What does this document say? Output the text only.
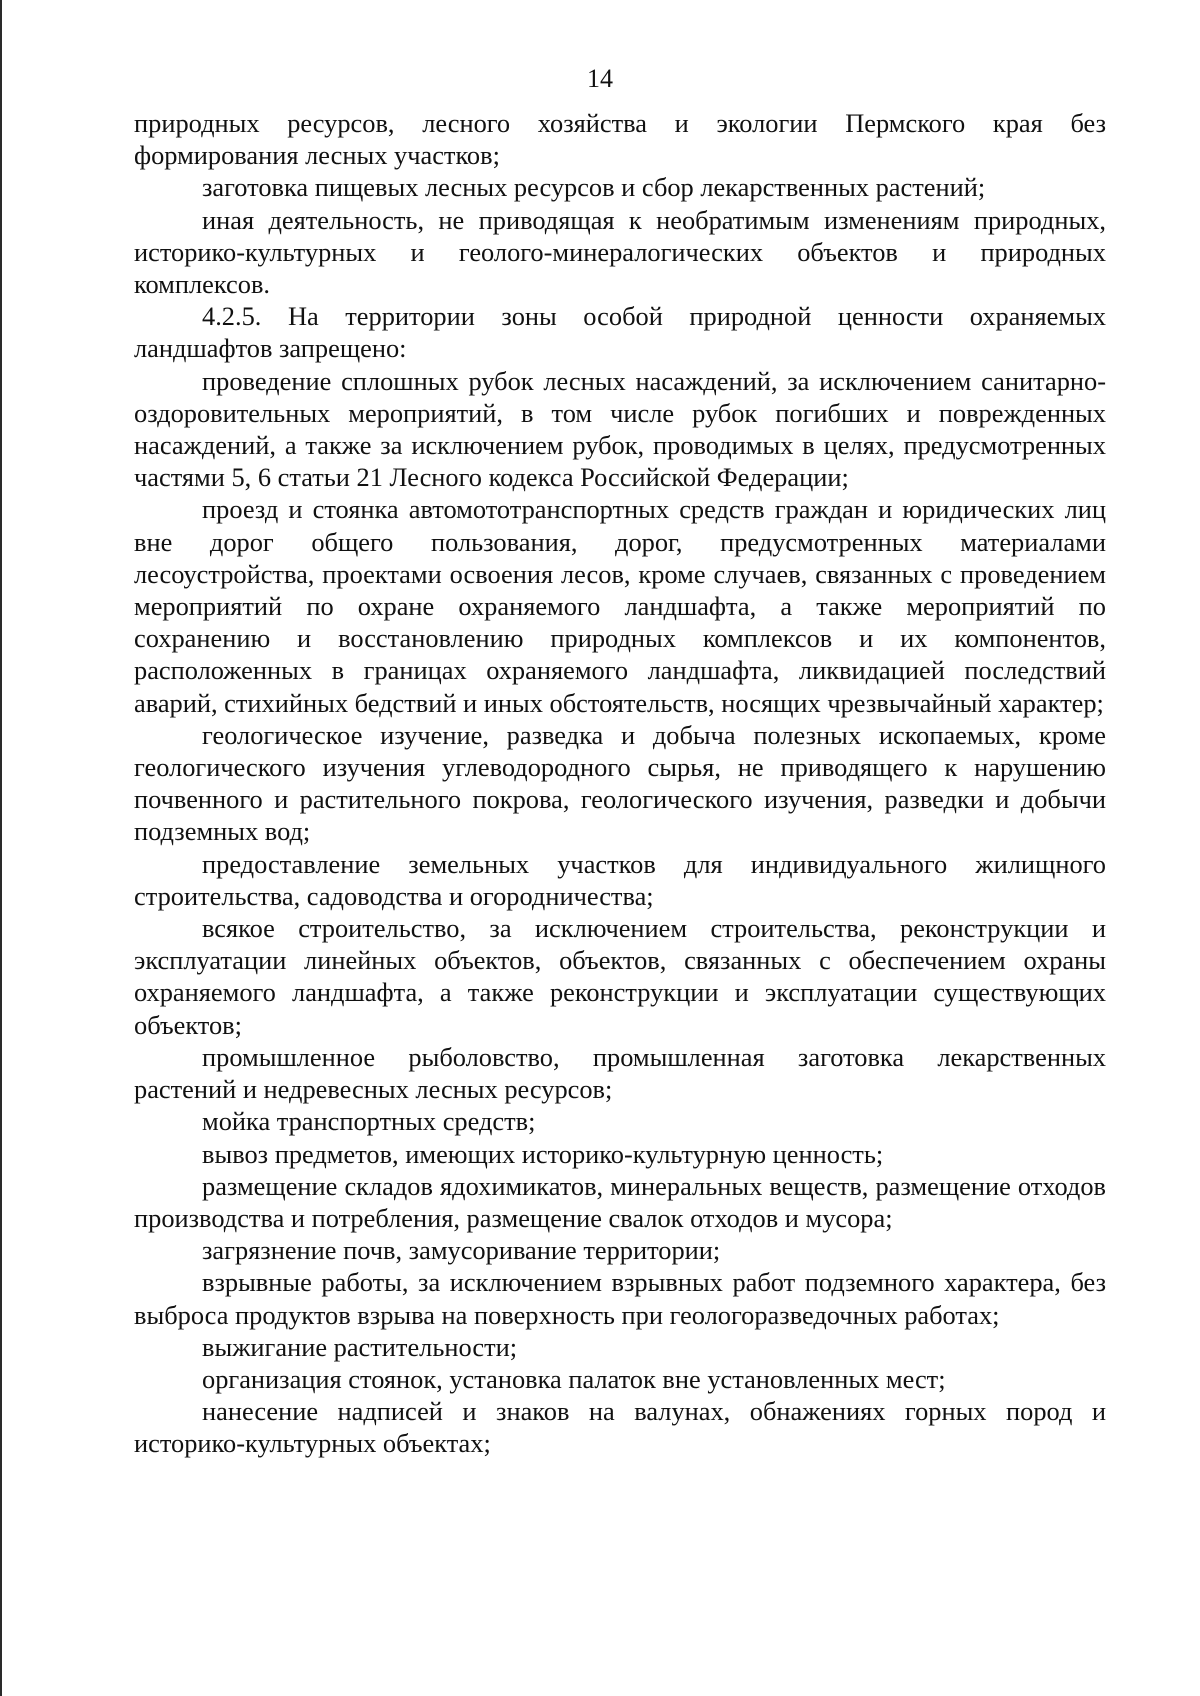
14

природных ресурсов, лесного хозяйства и экологии Пермского края без формирования лесных участков;

заготовка пищевых лесных ресурсов и сбор лекарственных растений;

иная деятельность, не приводящая к необратимым изменениям природных, историко-культурных и геолого-минералогических объектов и природных комплексов.

4.2.5. На территории зоны особой природной ценности охраняемых ландшафтов запрещено:

проведение сплошных рубок лесных насаждений, за исключением санитарно-оздоровительных мероприятий, в том числе рубок погибших и поврежденных насаждений, а также за исключением рубок, проводимых в целях, предусмотренных частями 5, 6 статьи 21 Лесного кодекса Российской Федерации;

проезд и стоянка автомототранспортных средств граждан и юридических лиц вне дорог общего пользования, дорог, предусмотренных материалами лесоустройства, проектами освоения лесов, кроме случаев, связанных с проведением мероприятий по охране охраняемого ландшафта, а также мероприятий по сохранению и восстановлению природных комплексов и их компонентов, расположенных в границах охраняемого ландшафта, ликвидацией последствий аварий, стихийных бедствий и иных обстоятельств, носящих чрезвычайный характер;

геологическое изучение, разведка и добыча полезных ископаемых, кроме геологического изучения углеводородного сырья, не приводящего к нарушению почвенного и растительного покрова, геологического изучения, разведки и добычи подземных вод;

предоставление земельных участков для индивидуального жилищного строительства, садоводства и огородничества;

всякое строительство, за исключением строительства, реконструкции и эксплуатации линейных объектов, объектов, связанных с обеспечением охраны охраняемого ландшафта, а также реконструкции и эксплуатации существующих объектов;

промышленное рыболовство, промышленная заготовка лекарственных растений и недревесных лесных ресурсов;

мойка транспортных средств;

вывоз предметов, имеющих историко-культурную ценность;

размещение складов ядохимикатов, минеральных веществ, размещение отходов производства и потребления, размещение свалок отходов и мусора;

загрязнение почв, замусоривание территории;

взрывные работы, за исключением взрывных работ подземного характера, без выброса продуктов взрыва на поверхность при геологоразведочных работах;

выжигание растительности;

организация стоянок, установка палаток вне установленных мест;

нанесение надписей и знаков на валунах, обнажениях горных пород и историко-культурных объектах;
